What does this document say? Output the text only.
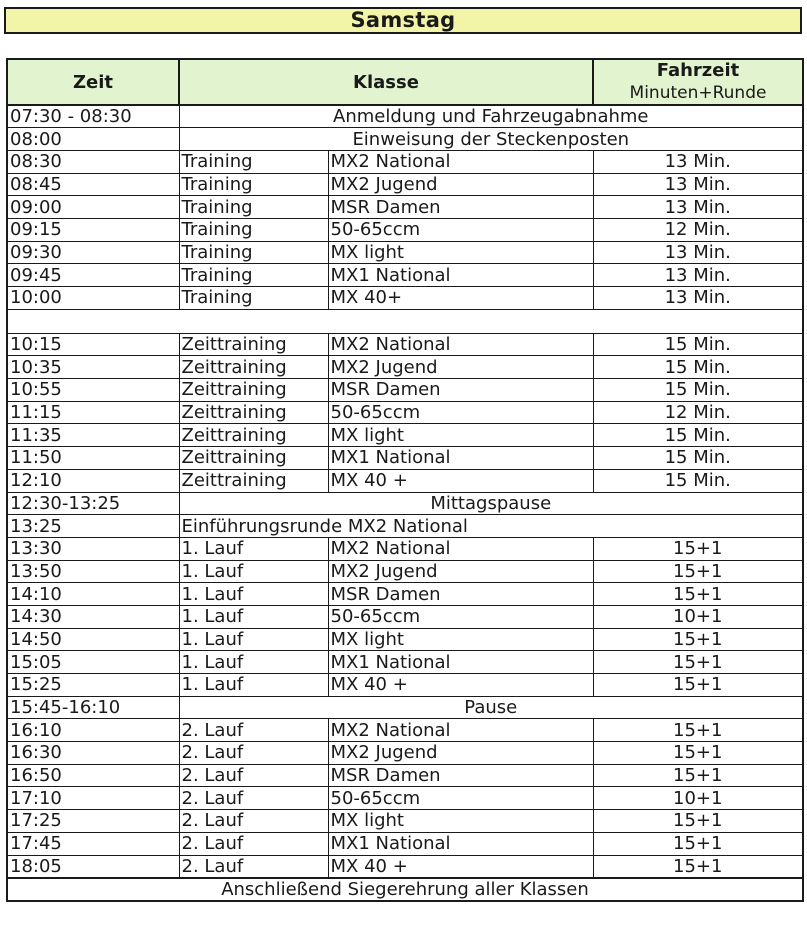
Samstag
Zeit	Klasse		Fahrzeit
Minuten+Runde

07:30 - 08:30	Anmeldung und Fahrzeugabnahme		
08:00	Einweisung der Steckenposten		
08:30	Training	MX2 National	13 Min.
08:45	Training	MX2 Jugend	13 Min.
09:00	Training	MSR Damen	13 Min.
09:15	Training	50-65ccm	12 Min.
09:30	Training	MX light	13 Min.
09:45	Training	MX1 National	13 Min.
10:00	Training	MX 40+	13 Min.

10:15	Zeittraining	MX2 National	15 Min.
10:35	Zeittraining	MX2 Jugend	15 Min.
10:55	Zeittraining	MSR Damen	15 Min.
11:15	Zeittraining	50-65ccm	12 Min.
11:35	Zeittraining	MX light	15 Min.
11:50	Zeittraining	MX1 National	15 Min.
12:10	Zeittraining	MX 40 +	15 Min.
12:30-13:25	Mittagspause		
13:25	Einführungsrunde MX2 National		
13:30	1. Lauf	MX2 National	15+1
13:50	1. Lauf	MX2 Jugend	15+1
14:10	1. Lauf	MSR Damen	15+1
14:30	1. Lauf	50-65ccm	10+1
14:50	1. Lauf	MX light	15+1
15:05	1. Lauf	MX1 National	15+1
15:25	1. Lauf	MX 40 +	15+1
15:45-16:10	Pause		
16:10	2. Lauf	MX2 National	15+1
16:30	2. Lauf	MX2 Jugend	15+1
16:50	2. Lauf	MSR Damen	15+1
17:10	2. Lauf	50-65ccm	10+1
17:25	2. Lauf	MX light	15+1
17:45	2. Lauf	MX1 National	15+1
18:05	2. Lauf	MX 40 +	15+1
Anschließend Siegerehrung aller Klassen			
